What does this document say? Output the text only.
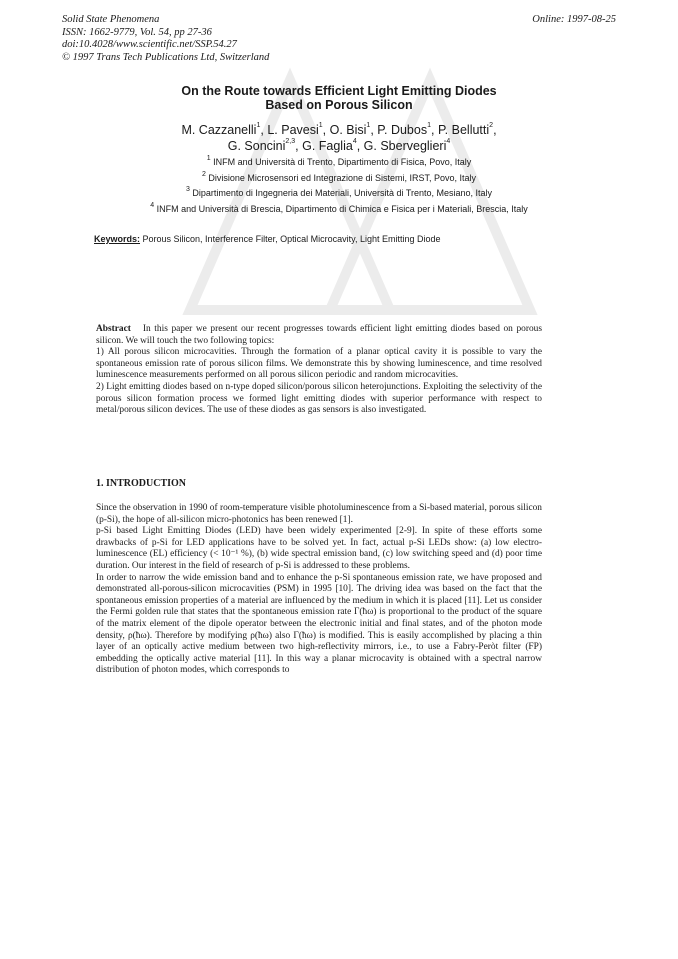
Solid State Phenomena
ISSN: 1662-9779, Vol. 54, pp 27-36
doi:10.4028/www.scientific.net/SSP.54.27
© 1997 Trans Tech Publications Ltd, Switzerland
Online: 1997-08-25
On the Route towards Efficient Light Emitting Diodes
Based on Porous Silicon
M. Cazzanelli$^1$, L. Pavesi$^1$, O. Bisi$^1$, P. Dubos$^1$, P. Bellutti$^2$,
G. Soncini$^{2,3}$, G. Faglia$^4$, G. Sberveglieri$^4$
$^1$ INFM and Università di Trento, Dipartimento di Fisica, Povo, Italy
$^2$ Divisione Microsensori ed Integrazione di Sistemi, IRST, Povo, Italy
$^3$ Dipartimento di Ingegneria dei Materiali, Università di Trento, Mesiano, Italy
$^4$ INFM and Università di Brescia, Dipartimento di Chimica e Fisica per i Materiali, Brescia, Italy
Keywords: Porous Silicon, Interference Filter, Optical Microcavity, Light Emitting Diode

Abstract In this paper we present our recent progresses towards efficient light emitting diodes based on porous silicon. We will touch the two following topics:

1) All porous silicon microcavities. Through the formation of a planar optical cavity it is possible to vary the spontaneous emission rate of porous silicon films. We demonstrate this by showing luminescence, and time resolved luminescence measurements performed on all porous silicon periodic and random microcavities.

2) Light emitting diodes based on n-type doped silicon/porous silicon heterojunctions. Exploiting the selectivity of the porous silicon formation process we formed light emitting diodes with superior performance with respect to metal/porous silicon devices. The use of these diodes as gas sensors is also investigated.

1. INTRODUCTION

Since the observation in 1990 of room-temperature visible photoluminescence from a Si-based material, porous silicon (p-Si), the hope of all-silicon micro-photonics has been renewed [1].

p-Si based Light Emitting Diodes (LED) have been widely experimented [2-9]. In spite of these efforts some drawbacks of p-Si for LED applications have to be solved yet. In fact, actual p-Si LEDs show: (a) low electro-luminescence (EL) efficiency (< 10⁻¹ %), (b) wide spectral emission band, (c) low switching speed and (d) poor time duration. Our interest in the field of research of p-Si is addressed to these problems.

In order to narrow the wide emission band and to enhance the p-Si spontaneous emission rate, we have proposed and demonstrated all-porous-silicon microcavities (PSM) in 1995 [10]. The driving idea was based on the fact that the spontaneous emission properties of a material are influenced by the medium in which it is placed [11]. Let us consider the Fermi golden rule that states that the spontaneous emission rate Γ(ħω) is proportional to the product of the square of the matrix element of the dipole operator between the electronic initial and final states, and of the photon mode density, ρ(ħω). Therefore by modifying ρ(ħω) also Γ(ħω) is modified. This is easily accomplished by placing a thin layer of an optically active medium between two high-reflectivity mirrors, i.e., to use a Fabry-Peròt filter (FP) embedding the optically active material [11]. In this way a planar microcavity is obtained with a spectral narrow distribution of photon modes, which corresponds to
